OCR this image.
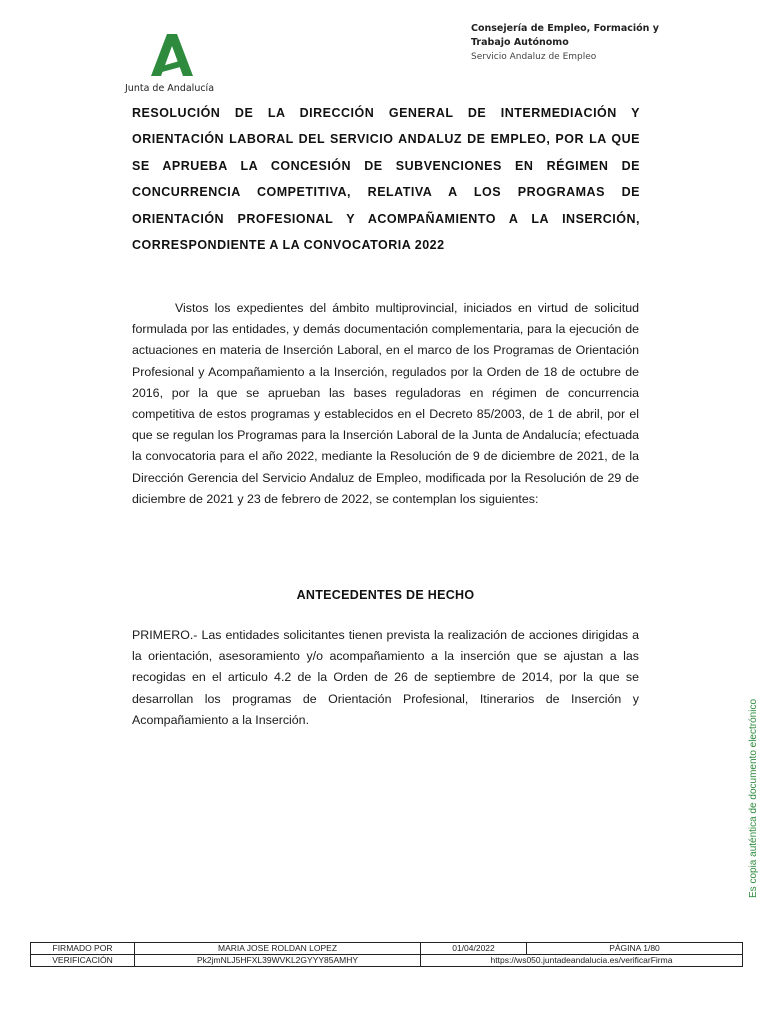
Junta de Andalucía
Consejería de Empleo, Formación y
Trabajo Autónomo
Servicio Andaluz de Empleo

RESOLUCIÓN DE LA DIRECCIÓN GENERAL DE INTERMEDIACIÓN Y ORIENTACIÓN LABORAL DEL SERVICIO ANDALUZ DE EMPLEO, POR LA QUE SE APRUEBA LA CONCESIÓN DE SUBVENCIONES EN RÉGIMEN DE CONCURRENCIA COMPETITIVA, RELATIVA A LOS PROGRAMAS DE ORIENTACIÓN PROFESIONAL Y ACOMPAÑAMIENTO A LA INSERCIÓN, CORRESPONDIENTE A LA CONVOCATORIA 2022

Vistos los expedientes del ámbito multiprovincial, iniciados en virtud de solicitud formulada por las entidades, y demás documentación complementaria, para la ejecución de actuaciones en materia de Inserción Laboral, en el marco de los Programas de Orientación Profesional y Acompañamiento a la Inserción, regulados por la Orden de 18 de octubre de 2016, por la que se aprueban las bases reguladoras en régimen de concurrencia competitiva de estos programas y establecidos en el Decreto 85/2003, de 1 de abril, por el que se regulan los Programas para la Inserción Laboral de la Junta de Andalucía; efectuada la convocatoria para el año 2022, mediante la Resolución de 9 de diciembre de 2021, de la Dirección Gerencia del Servicio Andaluz de Empleo, modificada por la Resolución de 29 de diciembre de 2021 y 23 de febrero de 2022, se contemplan los siguientes:

ANTECEDENTES DE HECHO

PRIMERO.- Las entidades solicitantes tienen prevista la realización de acciones dirigidas a la orientación, asesoramiento y/o acompañamiento a la inserción que se ajustan a las recogidas en el articulo 4.2 de la Orden de 26 de septiembre de 2014, por la que se desarrollan los programas de Orientación Profesional, Itinerarios de Inserción y Acompañamiento a la Inserción.	Es copia auténtica de documento electrónico
FIRMADO POR	MARIA JOSE ROLDAN LOPEZ	01/04/2022	PÁGINA 1/80
VERIFICACIÓN	Pk2jmNLJ5HFXL39WVKL2GYYY85AMHY	https://ws050.juntadeandalucia.es/verificarFirma
